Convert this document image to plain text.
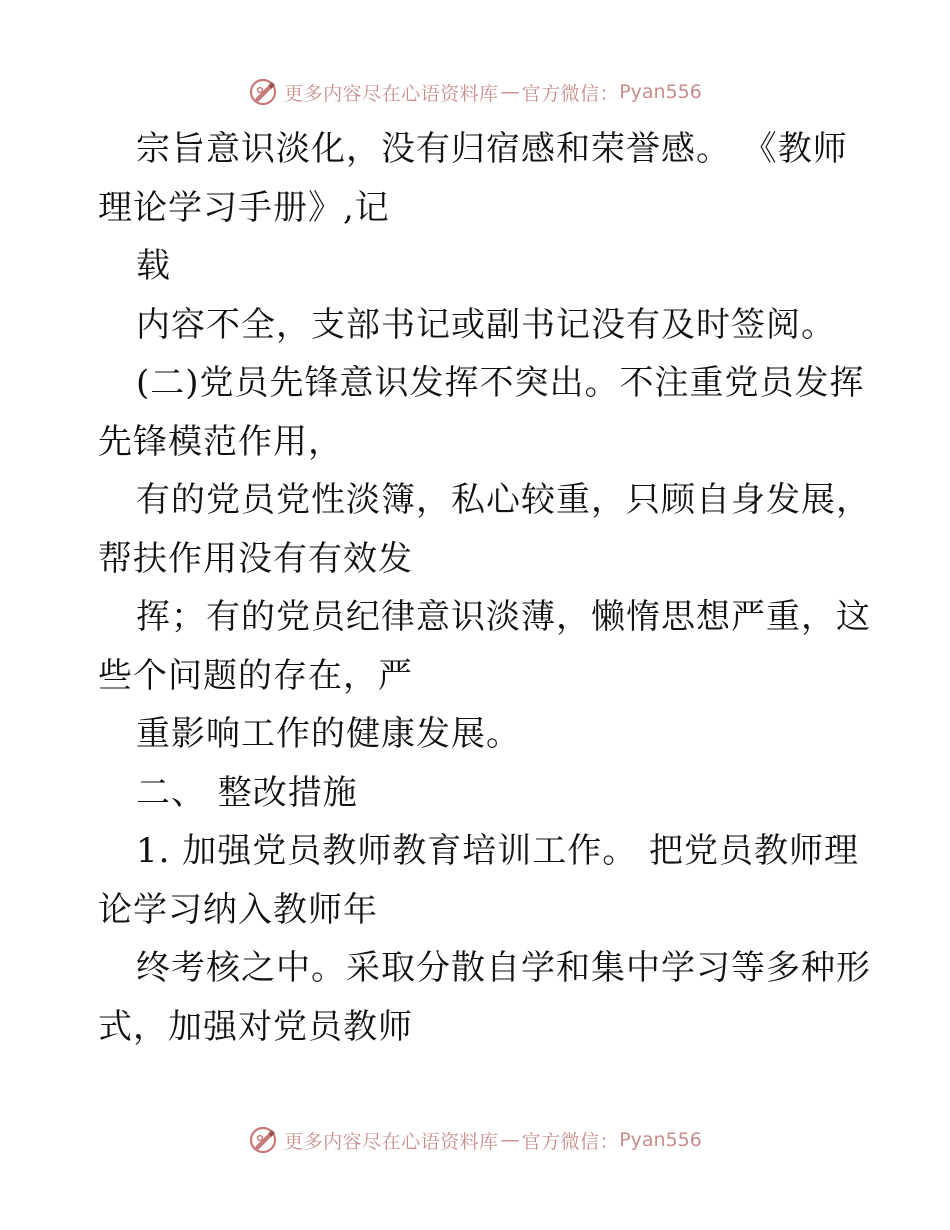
更多内容尽在心语资料库 — 官方微信： Pyan556
宗旨意识淡化，没有归宿感和荣誉感。 《教师
理论学习手册》,记
载
内容不全，支部书记或副书记没有及时签阅。
(二)党员先锋意识发挥不突出。不注重党员发挥
先锋模范作用，
有的党员党性淡簿，私心较重，只顾自身发展，
帮扶作用没有有效发
挥；有的党员纪律意识淡薄，懒惰思想严重，这
些个问题的存在，严
重影响工作的健康发展。
二、 整改措施
1. 加强党员教师教育培训工作。 把党员教师理
论学习纳入教师年
终考核之中。采取分散自学和集中学习等多种形
式，加强对党员教师
更多内容尽在心语资料库 — 官方微信： Pyan556
